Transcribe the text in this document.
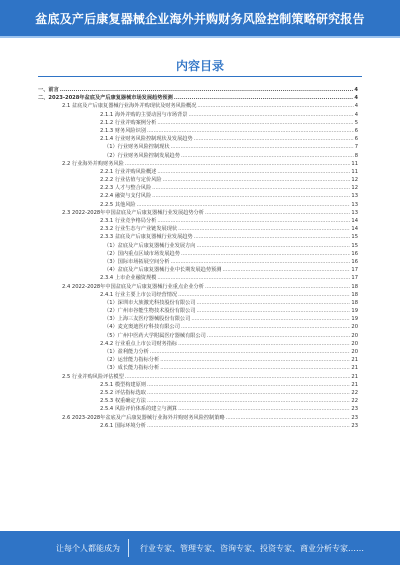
盆底及产后康复器械企业海外并购财务风险控制策略研究报告
内容目录
一、前言 .....	4
二、2023-2028年盆底及产后康复器械市场发展趋势预测 .....	4
2.1 盆底及产后康复器械行业海外并购现状及财务风险概况 .....	4
2.1.1 海外并购的主要动因与市场背景 .....	4
2.1.2 行业并购案例分析 .....	5
2.1.3 财务风险识别 .....	6
2.1.4 行业财务风险控制现状及发展趋势 .....	6
（1）行业财务风险控制现状 .....	7
（2）行业财务风险控制发展趋势 .....	8
2.2 行业海外并购财务风险 .....	11
2.2.1 行业并购风险概述 .....	11
2.2.2 行业估值与定价风险 .....	12
2.2.3 人才与整合风险 .....	12
2.2.4 融资与支付风险 .....	13
2.2.5 其他风险 .....	13
2.3 2022-2028年中国盆底及产后康复器械行业发展趋势分析 .....	13
2.3.1 行业竞争格局分析 .....	14
2.3.2 行业生态与产业链发展现状 .....	14
2.3.3 盆底及产后康复器械行业发展趋势 .....	15
（1）盆底及产后康复器械行业发展方向 .....	15
（2）国内重点区域市场发展趋势 .....	16
（3）国际市场拓展空间分析 .....	16
（4）盆底及产后康复器械行业中长期发展趋势预测 .....	17
2.3.4 上市企业融资规模 .....	17
2.4 2022-2028年中国盆底及产后康复器械行业重点企业分析 .....	18
2.4.1 行业主要上市公司经营情况 .....	18
（1）深圳市大族激光科技股份有限公司 .....	18
（2）广州市谷能生物技术股份有限公司 .....	19
（3）上海三友医疗器械股份有限公司 .....	19
（4）麦克奥迪医疗科技有限公司 .....	20
（5）广州中医药大学附属医疗器械有限公司 .....	20
2.4.2 行业重点上市公司财务指标 .....	20
（1）盈利能力分析 .....	20
（2）运营能力指标分析 .....	21
（3）成长能力指标分析 .....	21
2.5 行业并购风险评估模型 .....	21
2.5.1 模型构建原则 .....	21
2.5.2 评估指标选取 .....	22
2.5.3 权重确定方法 .....	22
2.5.4 风险评价体系的建立与测算 .....	23
2.6 2023-2028年盆底及产后康复器械行业海外并购财务风险控制策略 .....	23
2.6.1 国际环境分析 .....	23
让每个人都能成为	行业专家、管理专家、咨询专家、投资专家、商业分析专家……
